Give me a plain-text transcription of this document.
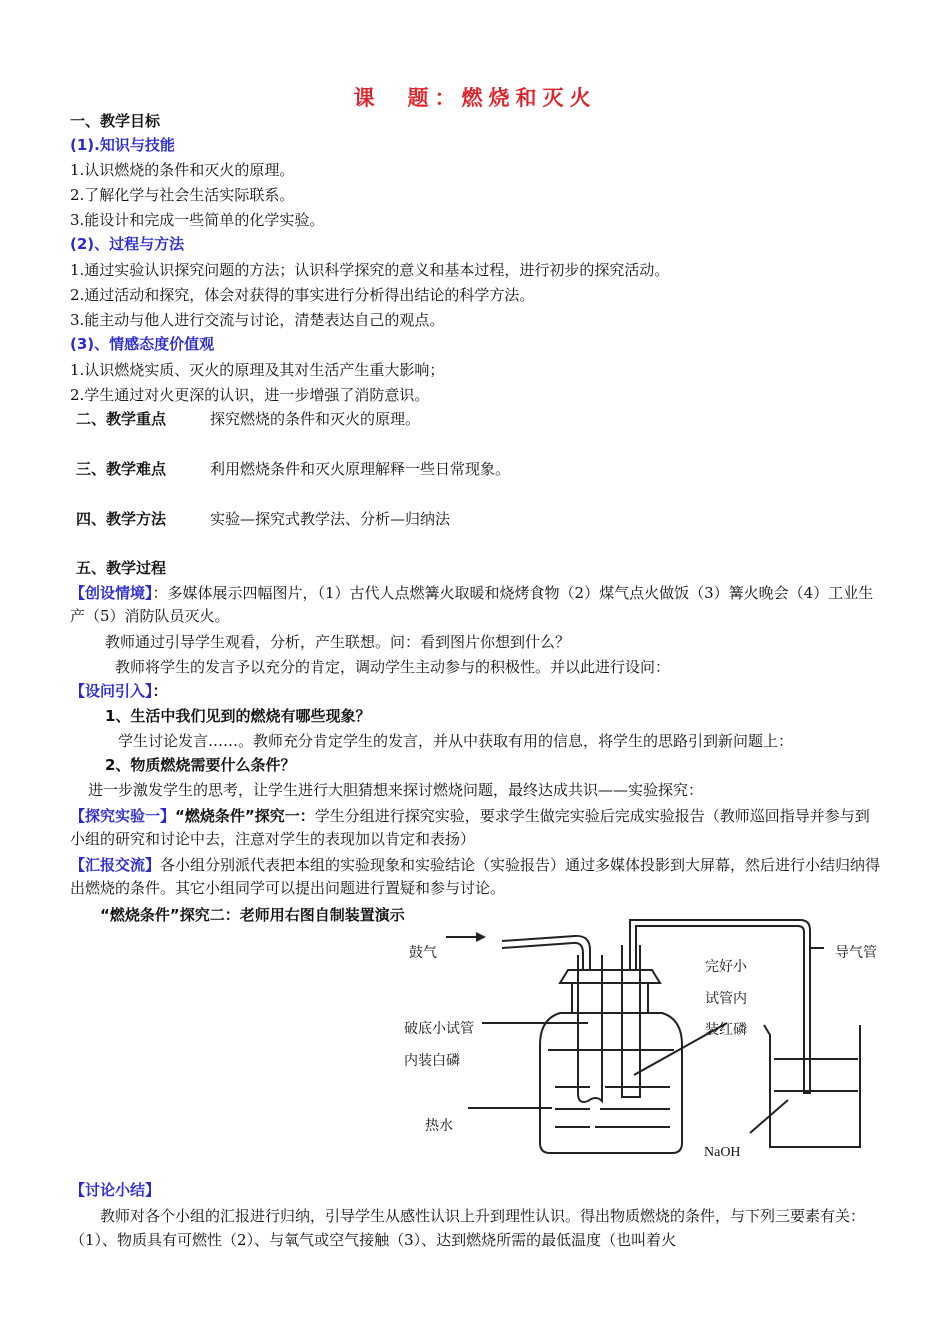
课　题：燃烧和灭火
一、教学目标
(1).知识与技能
1.认识燃烧的条件和灭火的原理。
2.了解化学与社会生活实际联系。
3.能设计和完成一些简单的化学实验。
(2)、过程与方法
1.通过实验认识探究问题的方法；认识科学探究的意义和基本过程，进行初步的探究活动。
2.通过活动和探究，体会对获得的事实进行分析得出结论的科学方法。
3.能主动与他人进行交流与讨论，清楚表达自己的观点。
(3)、情感态度价值观
1.认识燃烧实质、灭火的原理及其对生活产生重大影响；
2.学生通过对火更深的认识，进一步增强了消防意识。
二、教学重点	探究燃烧的条件和灭火的原理。
三、教学难点	利用燃烧条件和灭火原理解释一些日常现象。
四、教学方法	实验—探究式教学法、分析—归纳法
五、教学过程
【创设情境】：多媒体展示四幅图片，（1）古代人点燃篝火取暖和烧烤食物（2）煤气点火做饭（3）篝火晚会（4）工业生产（5）消防队员灭火。
教师通过引导学生观看，分析，产生联想。问：看到图片你想到什么？
教师将学生的发言予以充分的肯定，调动学生主动参与的积极性。并以此进行设问：
【设问引入】：
1、生活中我们见到的燃烧有哪些现象？
学生讨论发言……。教师充分肯定学生的发言，并从中获取有用的信息，将学生的思路引到新问题上：
2、物质燃烧需要什么条件？
进一步激发学生的思考，让学生进行大胆猜想来探讨燃烧问题，最终达成共识——实验探究：
【探究实验一】“燃烧条件”探究一：学生分组进行探究实验，要求学生做完实验后完成实验报告（教师巡回指导并参与到小组的研究和讨论中去，注意对学生的表现加以肯定和表扬）
【汇报交流】各小组分别派代表把本组的实验现象和实验结论（实验报告）通过多媒体投影到大屏幕，然后进行小结归纳得出燃烧的条件。其它小组同学可以提出问题进行置疑和参与讨论。
“燃烧条件”探究二：老师用右图自制装置演示
鼓气	导气管
完好小
试管内
装红磷
破底小试管
内装白磷
热水
NaOH
【讨论小结】
教师对各个小组的汇报进行归纳，引导学生从感性认识上升到理性认识。得出物质燃烧的条件，与下列三要素有关：（1）、物质具有可燃性（2）、与氧气或空气接触（3）、达到燃烧所需的最低温度（也叫着火
